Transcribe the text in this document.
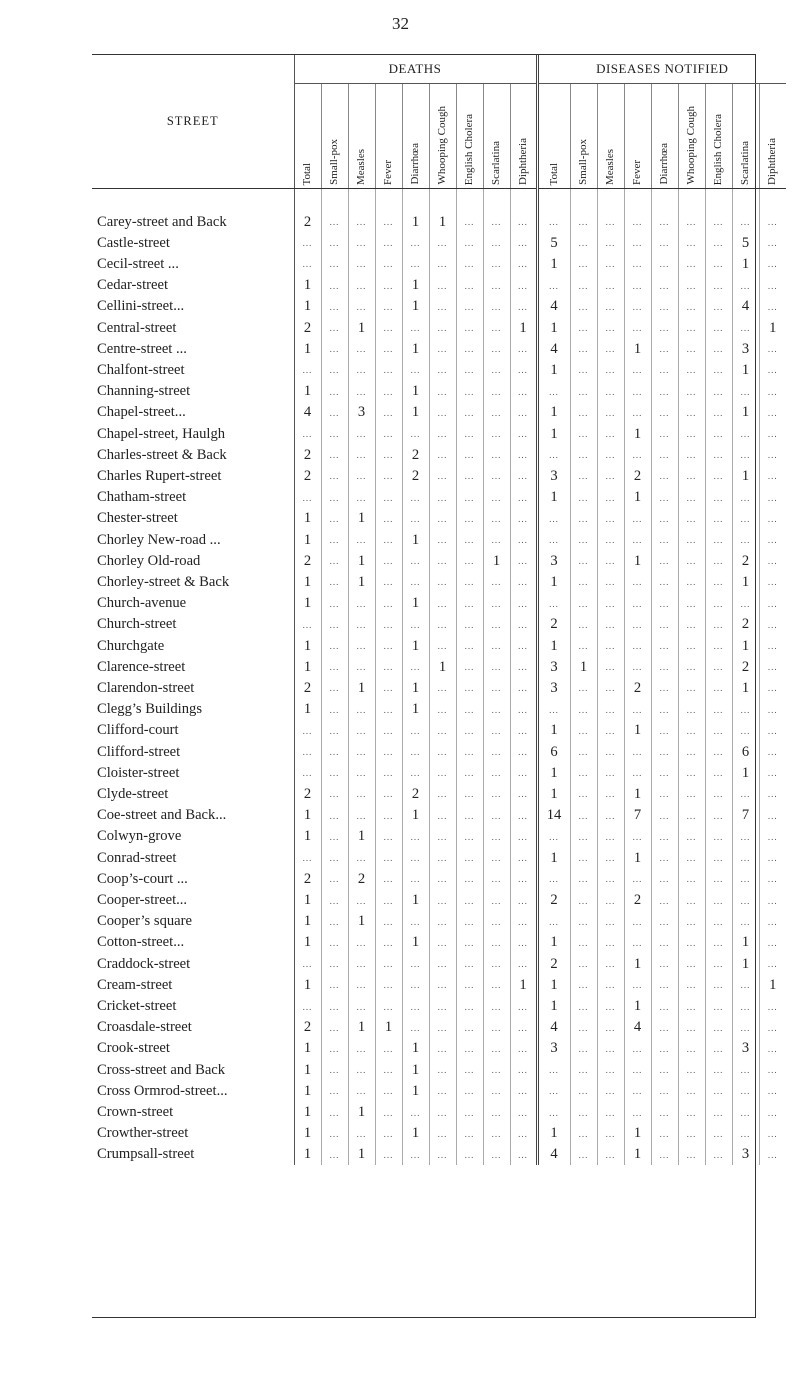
32
STREET	DEATHS									DISEASES NOTIFIED								

	Total	Small-pox	Measles	Fever	Diarrhœa	Whooping Cough	English Cholera	Scarlatina	Diphtheria	Total	Small-pox	Measles	Fever	Diarrhœa	Whooping Cough	English Cholera	Scarlatina	Diphtheria

Carey-street and Back	2	...	...	...	1	1	...	...	...	...	...	...	...	...	...	...	...	...
Castle-street	...	...	...	...	...	...	...	...	...	5	...	...	...	...	...	...	5	...
Cecil-street ...	...	...	...	...	...	...	...	...	...	1	...	...	...	...	...	...	1	...
Cedar-street	1	...	...	...	1	...	...	...	...	...	...	...	...	...	...	...	...	...
Cellini-street...	1	...	...	...	1	...	...	...	...	4	...	...	...	...	...	...	4	...
Central-street	2	...	1	...	...	...	...	...	1	1	...	...	...	...	...	...	...	1
Centre-street ...	1	...	...	...	1	...	...	...	...	4	...	...	1	...	...	...	3	...
Chalfont-street	...	...	...	...	...	...	...	...	...	1	...	...	...	...	...	...	1	...
Channing-street	1	...	...	...	1	...	...	...	...	...	...	...	...	...	...	...	...	...
Chapel-street...	4	...	3	...	1	...	...	...	...	1	...	...	...	...	...	...	1	...
Chapel-street, Haulgh	...	...	...	...	...	...	...	...	...	1	...	...	1	...	...	...	...	...
Charles-street & Back	2	...	...	...	2	...	...	...	...	...	...	...	...	...	...	...	...	...
Charles Rupert-street	2	...	...	...	2	...	...	...	...	3	...	...	2	...	...	...	1	...
Chatham-street	...	...	...	...	...	...	...	...	...	1	...	...	1	...	...	...	...	...
Chester-street	1	...	1	...	...	...	...	...	...	...	...	...	...	...	...	...	...	...
Chorley New-road ...	1	...	...	...	1	...	...	...	...	...	...	...	...	...	...	...	...	...
Chorley Old-road	2	...	1	...	...	...	...	1	...	3	...	...	1	...	...	...	2	...
Chorley-street & Back	1	...	1	...	...	...	...	...	...	1	...	...	...	...	...	...	1	...
Church-avenue	1	...	...	...	1	...	...	...	...	...	...	...	...	...	...	...	...	...
Church-street	...	...	...	...	...	...	...	...	...	2	...	...	...	...	...	...	2	...
Churchgate	1	...	...	...	1	...	...	...	...	1	...	...	...	...	...	...	1	...
Clarence-street	1	...	...	...	...	1	...	...	...	3	1	...	...	...	...	...	2	...
Clarendon-street	2	...	1	...	1	...	...	...	...	3	...	...	2	...	...	...	1	...
Clegg’s Buildings	1	...	...	...	1	...	...	...	...	...	...	...	...	...	...	...	...	...
Clifford-court	...	...	...	...	...	...	...	...	...	1	...	...	1	...	...	...	...	...
Clifford-street	...	...	...	...	...	...	...	...	...	6	...	...	...	...	...	...	6	...
Cloister-street	...	...	...	...	...	...	...	...	...	1	...	...	...	...	...	...	1	...
Clyde-street	2	...	...	...	2	...	...	...	...	1	...	...	1	...	...	...	...	...
Coe-street and Back...	1	...	...	...	1	...	...	...	...	14	...	...	7	...	...	...	7	...
Colwyn-grove	1	...	1	...	...	...	...	...	...	...	...	...	...	...	...	...	...	...
Conrad-street	...	...	...	...	...	...	...	...	...	1	...	...	1	...	...	...	...	...
Coop’s-court ...	2	...	2	...	...	...	...	...	...	...	...	...	...	...	...	...	...	...
Cooper-street...	1	...	...	...	1	...	...	...	...	2	...	...	2	...	...	...	...	...
Cooper’s square	1	...	1	...	...	...	...	...	...	...	...	...	...	...	...	...	...	...
Cotton-street...	1	...	...	...	1	...	...	...	...	1	...	...	...	...	...	...	1	...
Craddock-street	...	...	...	...	...	...	...	...	...	2	...	...	1	...	...	...	1	...
Cream-street	1	...	...	...	...	...	...	...	1	1	...	...	...	...	...	...	...	1
Cricket-street	...	...	...	...	...	...	...	...	...	1	...	...	1	...	...	...	...	...
Croasdale-street	2	...	1	1	...	...	...	...	...	4	...	...	4	...	...	...	...	...
Crook-street	1	...	...	...	1	...	...	...	...	3	...	...	...	...	...	...	3	...
Cross-street and Back	1	...	...	...	1	...	...	...	...	...	...	...	...	...	...	...	...	...
Cross Ormrod-street...	1	...	...	...	1	...	...	...	...	...	...	...	...	...	...	...	...	...
Crown-street	1	...	1	...	...	...	...	...	...	...	...	...	...	...	...	...	...	...
Crowther-street	1	...	...	...	1	...	...	...	...	1	...	...	1	...	...	...	...	...
Crumpsall-street	1	...	1	...	...	...	...	...	...	4	...	...	1	...	...	...	3	...
